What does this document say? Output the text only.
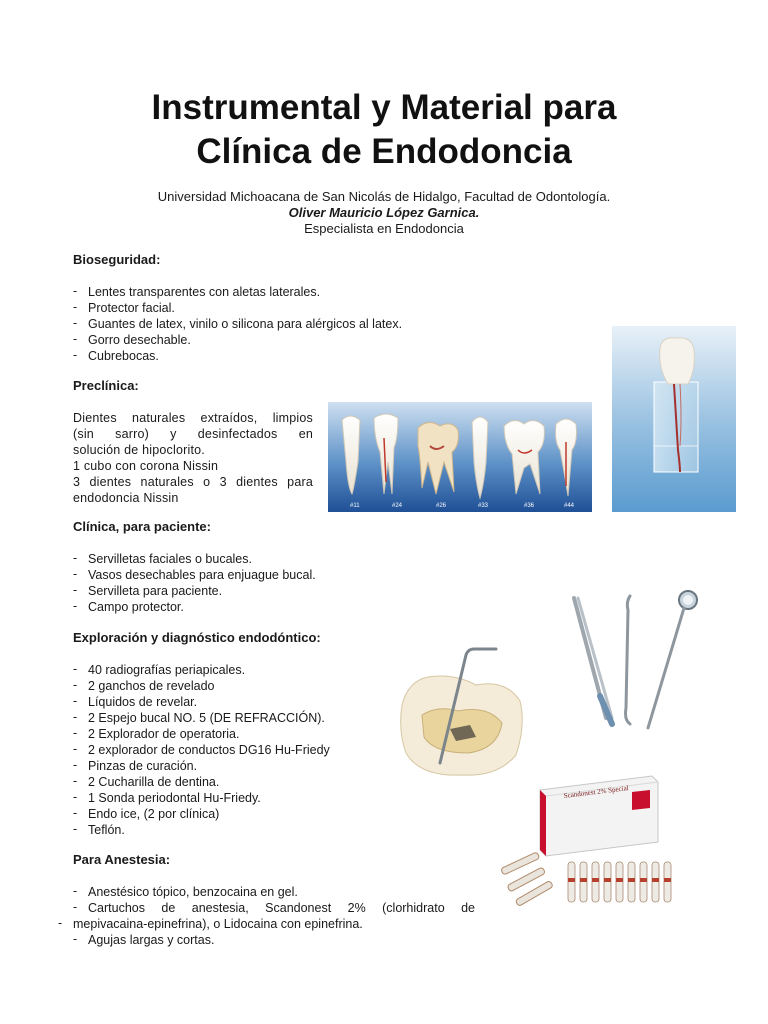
Instrumental y Material para
Clínica de Endodoncia
Universidad Michoacana de San Nicolás de Hidalgo, Facultad de Odontología.
Oliver Mauricio López Garnica.
Especialista en Endodoncia

Bioseguridad:

- Lentes transparentes con aletas laterales.
- Protector facial.
- Guantes de latex, vinilo o silicona para alérgicos al latex.
- Gorro desechable.
- Cubrebocas.

Preclínica:

Dientes naturales extraídos, limpios
(sin sarro) y desinfectados en
solución de hipoclorito.
1 cubo con corona Nissin
3 dientes naturales o 3 dientes para
endodoncia Nissin

Clínica, para paciente:

- Servilletas faciales o bucales.
- Vasos desechables para enjuague bucal.
- Servilleta para paciente.
- Campo protector.

Exploración y diagnóstico endodóntico:

- 40 radiografías periapicales.
- 2 ganchos de revelado
- Líquidos de revelar.
- 2 Espejo bucal NO. 5 (DE REFRACCIÓN).
- 2 Explorador de operatoria.
- 2 explorador de conductos DG16 Hu-Friedy
- Pinzas de curación.
- 2 Cucharilla de dentina.
- 1 Sonda periodontal Hu-Friedy.
- Endo ice, (2 por clínica)
- Teflón.

Para Anestesia:

- Anestésico tópico, benzocaina en gel.
- Cartuchos de anestesia, Scandonest 2% (clorhidrato de
- mepivacaina-epinefrina), o Lidocaina con epinefrina.
- Agujas largas y cortas.
#11	#24	#26	#33	#36	#44
Scandonest 2% Special
